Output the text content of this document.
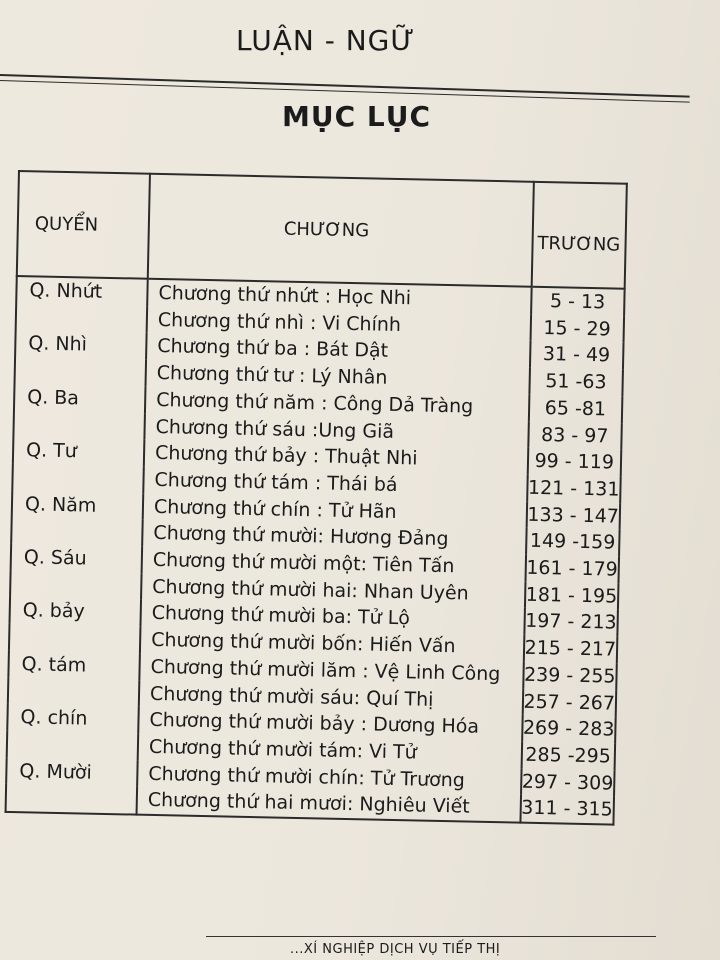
LUẬN - NGỮ
MỤC LỤC
QUYỂN	CHƯƠNG	TRƯƠNG
Q. Nhứt	Chương thứ nhứt : Học Nhi	5 - 13
	Chương thứ nhì : Vi Chính	15 - 29
Q. Nhì	Chương thứ ba : Bát Dật	31 - 49
	Chương thứ tư : Lý Nhân	51 -63
Q. Ba	Chương thứ năm : Công Dả Tràng	65 -81
	Chương thứ sáu :Ung Giã	83 - 97
Q. Tư	Chương thứ bảy : Thuật Nhi	99 - 119
	Chương thứ tám : Thái bá	121 - 131
Q. Năm	Chương thứ chín : Tử Hãn	133 - 147
	Chương thứ mười: Hương Đảng	149 -159
Q. Sáu	Chương thứ mười một: Tiên Tấn	161 - 179
	Chương thứ mười hai: Nhan Uyên	181 - 195
Q. bảy	Chương thứ mười ba: Tử Lộ	197 - 213
	Chương thứ mười bốn: Hiến Vấn	215 - 217
Q. tám	Chương thứ mười lăm : Vệ Linh Công	239 - 255
	Chương thứ mười sáu: Quí Thị	257 - 267
Q. chín	Chương thứ mười bảy : Dương Hóa	269 - 283
	Chương thứ mười tám: Vi Tử	285 -295
Q. Mười	Chương thứ mười chín: Tử Trương	297 - 309
	Chương thứ hai mươi: Nghiêu Viết	311 - 315
...XÍ NGHIỆP DỊCH VỤ TIẾP THỊ
